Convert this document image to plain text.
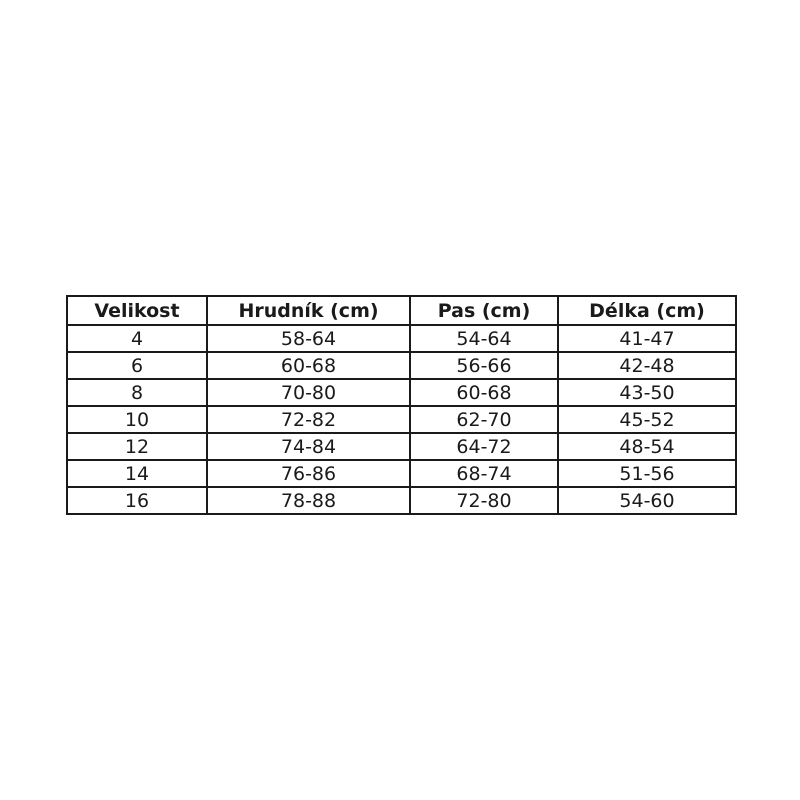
Velikost	Hrudník (cm)	Pas (cm)	Délka (cm)
4	58-64	54-64	41-47
6	60-68	56-66	42-48
8	70-80	60-68	43-50
10	72-82	62-70	45-52
12	74-84	64-72	48-54
14	76-86	68-74	51-56
16	78-88	72-80	54-60
